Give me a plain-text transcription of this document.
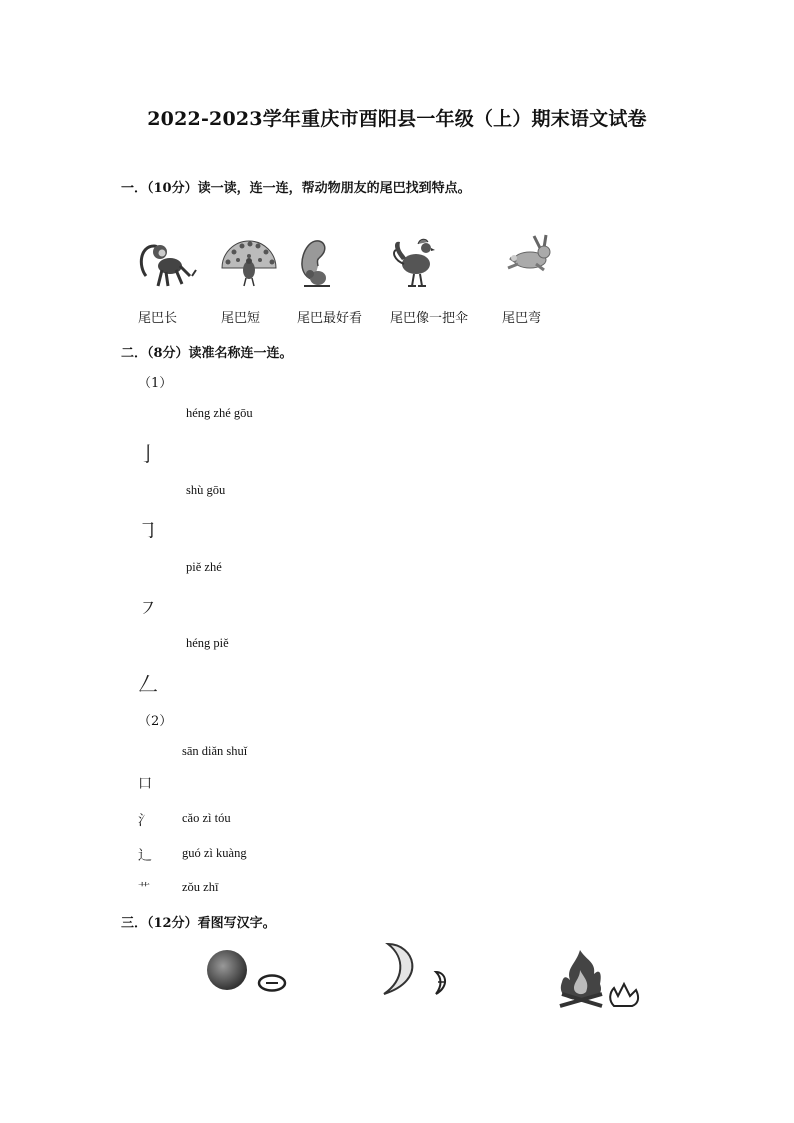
2022-2023学年重庆市酉阳县一年级（上）期末语文试卷
一．（10分）读一读，连一连，帮动物朋友的尾巴找到特点。
尾巴长	尾巴短	尾巴最好看 尾巴像一把伞	尾巴弯
二．（8分）读准名称连一连。
（1）
héng zhé gōu
亅
shù gōu
㇆
piě zhé
㇇
héng piě
𠃋
（2）
sān diǎn shuǐ
口
氵 cǎo zì tóu
辶 guó zì kuàng
艹	zǒu zhī
三．（12分）看图写汉字。
